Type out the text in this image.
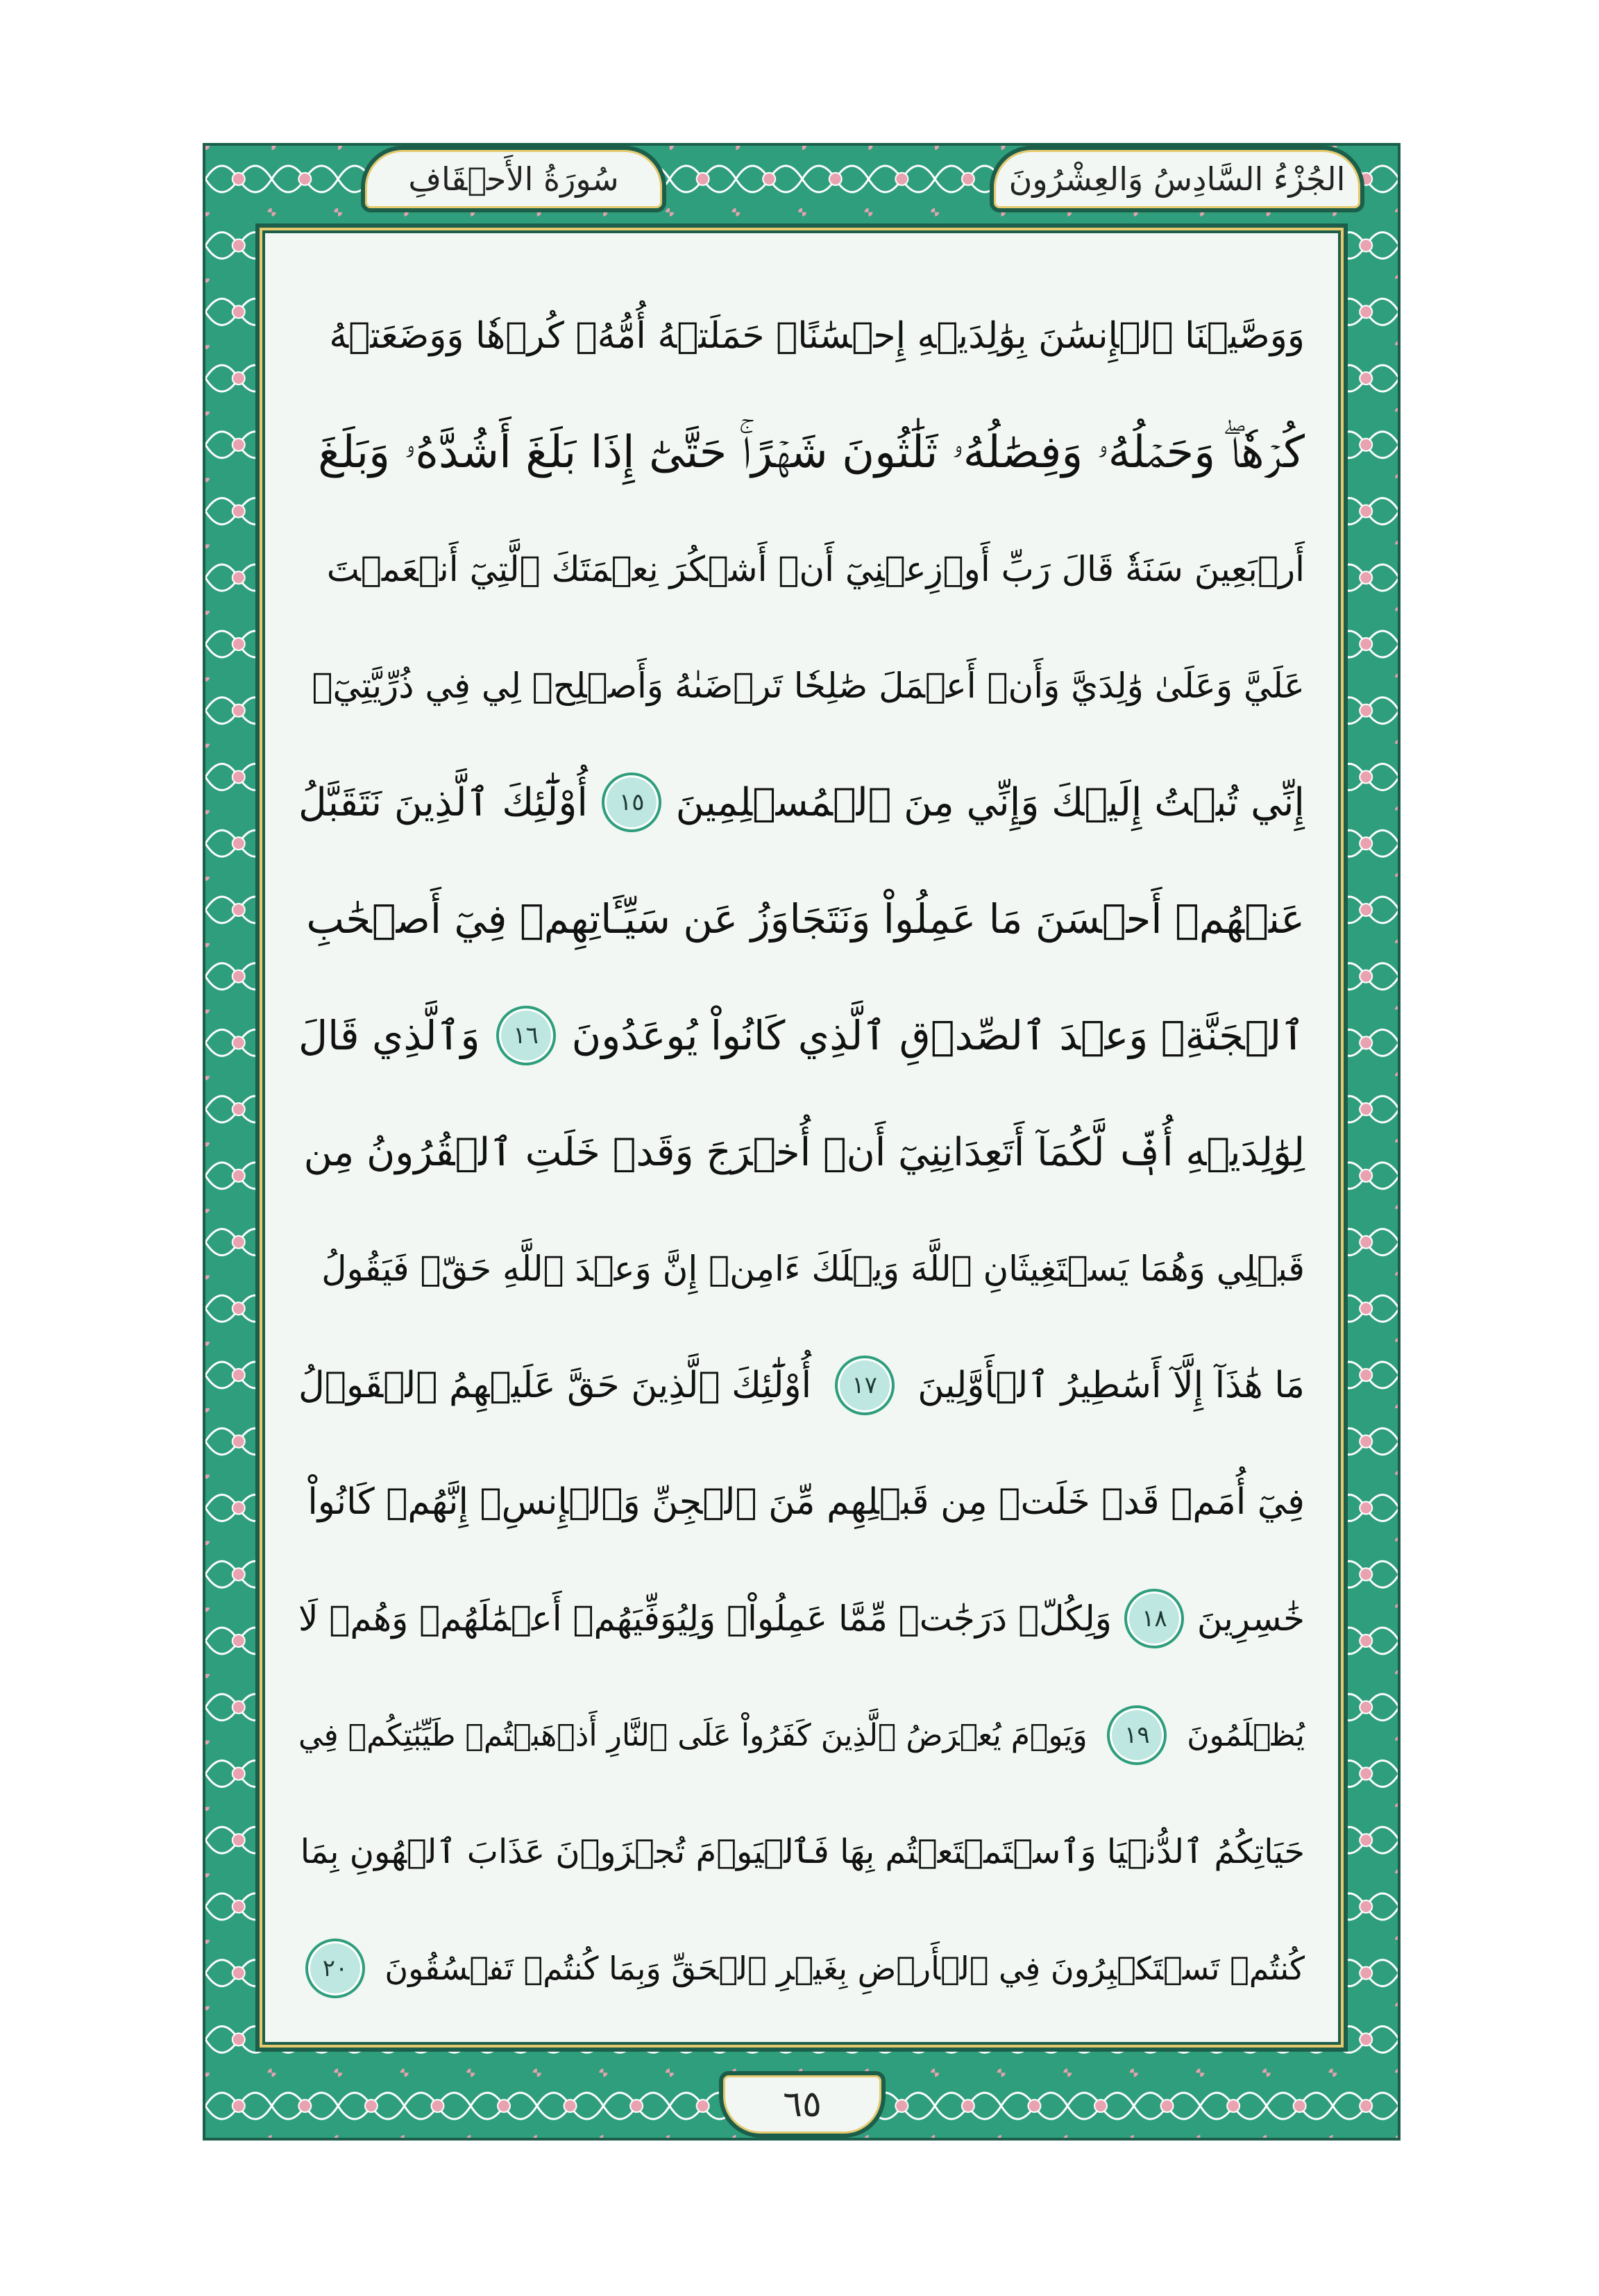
الجُزْءُ السَّادِسُ وَالعِشْرُونَ
سُورَةُ الأَحۡقَافِ
وَوَصَّيۡنَا ٱلۡإِنسَٰنَ بِوَٰلِدَيۡهِ إِحۡسَٰنًاۖ حَمَلَتۡهُ أُمُّهُۥ كُرۡهٗا وَوَضَعَتۡهُ
كُرۡهٗاۖ وَحَمۡلُهُۥ وَفِصَٰلُهُۥ ثَلَٰثُونَ شَهۡرًاۚ حَتَّىٰٓ إِذَا بَلَغَ أَشُدَّهُۥ وَبَلَغَ
أَرۡبَعِينَ سَنَةٗ قَالَ رَبِّ أَوۡزِعۡنِيٓ أَنۡ أَشۡكُرَ نِعۡمَتَكَ ٱلَّتِيٓ أَنۡعَمۡتَ
عَلَيَّ وَعَلَىٰ وَٰلِدَيَّ وَأَنۡ أَعۡمَلَ صَٰلِحٗا تَرۡضَىٰهُ وَأَصۡلِحۡ لِي فِي ذُرِّيَّتِيٓۖ
إِنِّي تُبۡتُ إِلَيۡكَ وَإِنِّي مِنَ ٱلۡمُسۡلِمِينَ
١٥
أُوْلَٰٓئِكَ ٱلَّذِينَ نَتَقَبَّلُ
عَنۡهُمۡ أَحۡسَنَ مَا عَمِلُواْ وَنَتَجَاوَزُ عَن سَيِّـَٔاتِهِمۡ فِيٓ أَصۡحَٰبِ
ٱلۡجَنَّةِۖ وَعۡدَ ٱلصِّدۡقِ ٱلَّذِي كَانُواْ يُوعَدُونَ
١٦
وَٱلَّذِي قَالَ
لِوَٰلِدَيۡهِ أُفّٖ لَّكُمَآ أَتَعِدَانِنِيٓ أَنۡ أُخۡرَجَ وَقَدۡ خَلَتِ ٱلۡقُرُونُ مِن
قَبۡلِي وَهُمَا يَسۡتَغِيثَانِ ٱللَّهَ وَيۡلَكَ ءَامِنۡ إِنَّ وَعۡدَ ٱللَّهِ حَقّٞ فَيَقُولُ
مَا هَٰذَآ إِلَّآ أَسَٰطِيرُ ٱلۡأَوَّلِينَ
١٧
أُوْلَٰٓئِكَ ٱلَّذِينَ حَقَّ عَلَيۡهِمُ ٱلۡقَوۡلُ
فِيٓ أُمَمٖ قَدۡ خَلَتۡ مِن قَبۡلِهِم مِّنَ ٱلۡجِنِّ وَٱلۡإِنسِۖ إِنَّهُمۡ كَانُواْ
خَٰسِرِينَ
١٨
وَلِكُلّٖ دَرَجَٰتٞ مِّمَّا عَمِلُواْۖ وَلِيُوَفِّيَهُمۡ أَعۡمَٰلَهُمۡ وَهُمۡ لَا
يُظۡلَمُونَ
١٩
وَيَوۡمَ يُعۡرَضُ ٱلَّذِينَ كَفَرُواْ عَلَى ٱلنَّارِ أَذۡهَبۡتُمۡ طَيِّبَٰتِكُمۡ فِي
حَيَاتِكُمُ ٱلدُّنۡيَا وَٱسۡتَمۡتَعۡتُم بِهَا فَٱلۡيَوۡمَ تُجۡزَوۡنَ عَذَابَ ٱلۡهُونِ بِمَا
كُنتُمۡ تَسۡتَكۡبِرُونَ فِي ٱلۡأَرۡضِ بِغَيۡرِ ٱلۡحَقِّ وَبِمَا كُنتُمۡ تَفۡسُقُونَ
٢٠
٦٥
